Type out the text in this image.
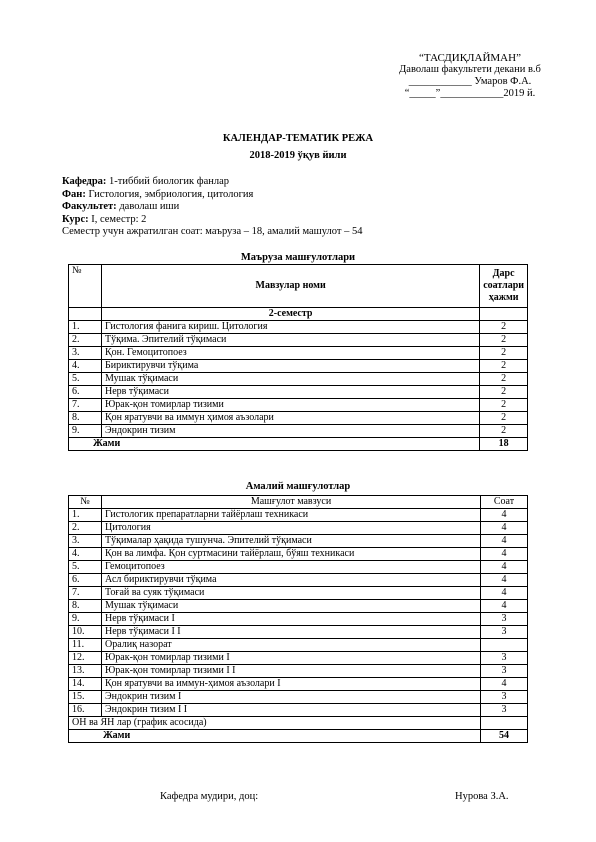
“ТАСДИҚЛАЙМАН”
Даволаш факультети декани в.б
____________ Умаров Ф.А.
“_____”____________2019 й.
КАЛЕНДАР-ТЕМАТИК РЕЖА
2018-2019 ўқув йили
Кафедра: 1-тиббий биологик фанлар
Фан: Гистология, эмбриология, цитология
Факультет: даволаш иши
Курс: I, семестр: 2
Семестр учун ажратилган соат: маъруза – 18, амалий машулот – 54
Маъруза машғулотлари
№	Мавзулар номи	Дарс соатлари ҳажми
	2-семестр	
1.	Гистология фанига кириш. Цитология	2
2.	Тўқима. Эпителий тўқимаси	2
3.	Қон. Гемоцитопоез	2
4.	Бириктирувчи тўқима	2
5.	Мушак тўқимаси	2
6.	Нерв тўқимаси	2
7.	Юрак-қон томирлар тизими	2
8.	Қон яратувчи ва иммун ҳимоя аъзолари	2
9.	Эндокрин тизим	2
Жами		18
Амалий машғулотлар
№	Машғулот мавзуси	Соат
1.	Гистологик препаратларни тайёрлаш техникаси	4
2.	Цитология	4
3.	Тўқималар ҳақида тушунча. Эпителий тўқимаси	4
4.	Қон ва лимфа. Қон суртмасини тайёрлаш, бўяш техникаси	4
5.	Гемоцитопоез	4
6.	Асл бириктирувчи тўқима	4
7.	Тоғай ва суяк тўқимаси	4
8.	Мушак тўқимаси	4
9.	Нерв тўқимаси I	3
10.	Нерв тўқимаси I I	3
11.	Оралиқ назорат	
12.	Юрак-қон томирлар тизими I	3
13.	Юрак-қон томирлар тизими I I	3
14.	Қон яратувчи ва иммун-ҳимоя аъзолари I	4
15.	Эндокрин тизим I	3
16.	Эндокрин тизим I I	3
ОН ва ЯН лар (график асосида)		
Жами		54
Кафедра мудири, доц:	Нурова З.А.
